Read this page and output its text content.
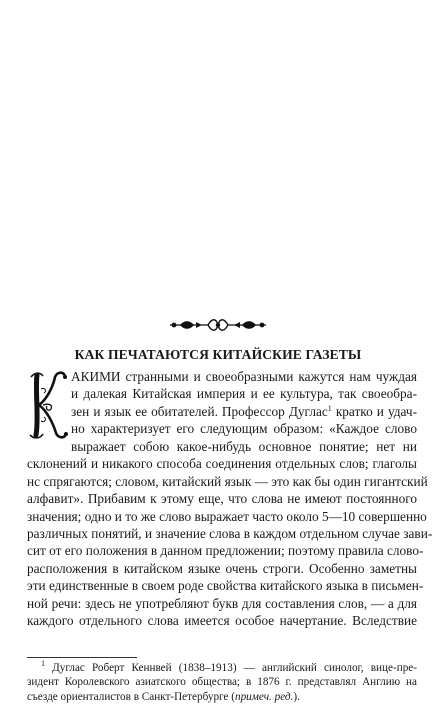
КАК ПЕЧАТАЮТСЯ КИТАЙСКИЕ ГАЗЕТЫ
К
АКИМИ странными и своеобразными кажутся нам чуждая
и далекая Китайская империя и ее культура, так своеобра-
зен и язык ее обитателей. Профессор Дуглас$^1$ кратко и удач-
но характеризует его следующим образом: «Каждое слово
выражает собою какое-нибудь основное понятие; нет ни
склонений и никакого способа соединения отдельных слов; глаголы
нс спрягаются; словом, китайский язык — это как бы один гигантский
алфавит». Прибавим к этому еще, что слова не имеют постоянного
значения; одно и то же слово выражает часто около 5—10 совершенно
различных понятий, и значение слова в каждом отдельном случае зави-
сит от его положения в данном предложении; поэтому правила слово-
расположения в китайском языке очень строги. Особенно заметны
эти единственные в своем роде свойства китайского языка в письмен-
ной речи: здесь не употребляют букв для составления слов, — а для
каждого отдельного слова имеется особое начертание. Вследствие
$^1$ Дуглас Роберт Кеннвей (1838–1913) — английский синолог, вице-пре-
зидент Королевского азиатского общества; в 1876 г. представлял Англию на
съезде ориенталистов в Санкт-Петербурге (примеч. ред.).
